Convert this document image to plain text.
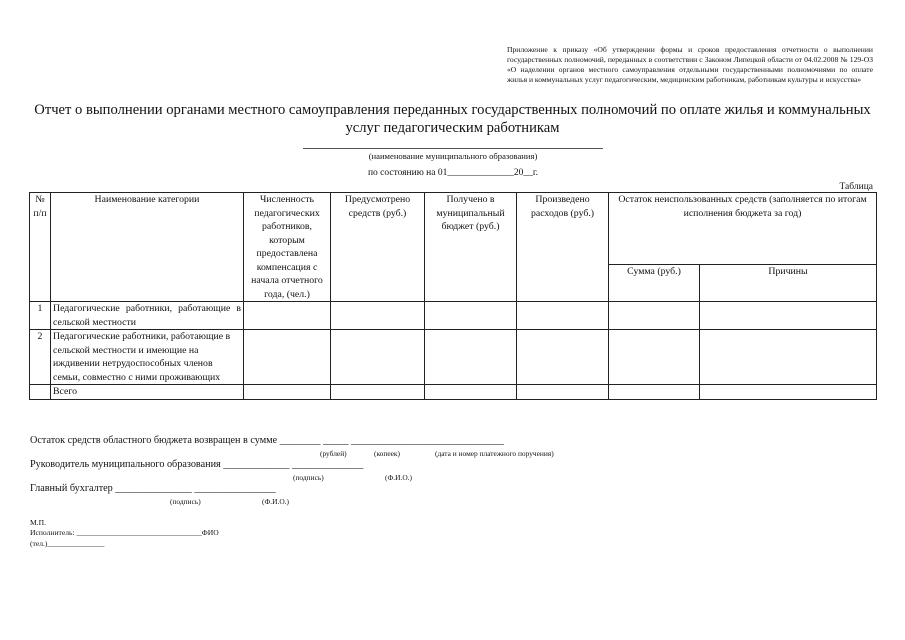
Приложение к приказу «Об утверждении формы и сроков предоставления отчетности о выполнении государственных полномочий, переданных в соответствии с Законом Липецкой области от 04.02.2008 № 129-ОЗ «О наделении органов местного самоуправления отдельными государственными полномочиями по оплате жилья и коммунальных услуг педагогическим, медицинским работникам, работникам культуры и искусства»
Отчет о выполнении органами местного самоуправления переданных государственных полномочий по оплате жилья и коммунальных услуг педагогическим работникам
(наименование муниципального образования)
по состоянию на 01______________20__г.
Таблица
№ п/п	Наименование категории	Численность педагогических работников, которым предоставлена компенсация с начала отчетного года, (чел.)	Предусмотрено средств (руб.)	Получено в муниципальный бюджет (руб.)	Произведено расходов (руб.)	Остаток неиспользованных средств (заполняется по итогам исполнения бюджета за год)	
						Сумма (руб.)	Причины
1	Педагогические работники, работающие в сельской местности						
2	Педагогические работники, работающие в сельской местности и имеющие на иждивении нетрудоспособных членов семьи, совместно с ними проживающих						
	Всего						
Остаток средств областного бюджета возвращен в сумме ________ _____ ______________________________
(рублей)	(копеек)	(дата и номер платежного поручения)
Руководитель муниципального образования _____________ ______________
(подпись)	(Ф.И.О.)
Главный бухгалтер _______________ ________________
(подпись)	(Ф.И.О.)
М.П.
Исполнитель: _________________________________ФИО
(тел.)_______________
